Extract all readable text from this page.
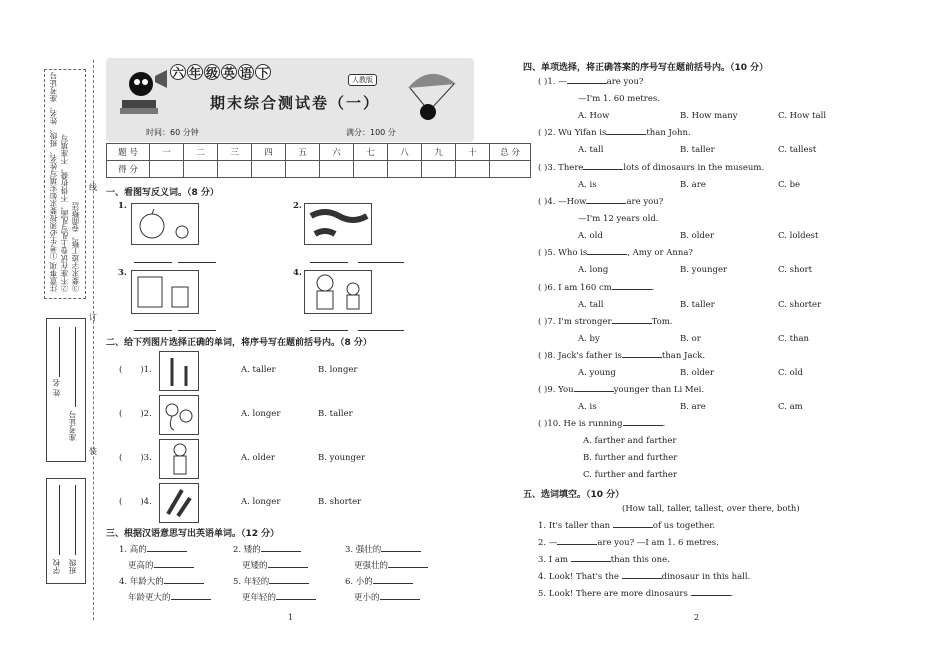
注意事项 ①考生必须按要求如实填写姓名、班级、姓名、准考证号 ②不准在试卷上乱写乱画，不得折叠，不准填写 ③要求字迹工整，卷面整洁
姓 名
准考证号
学校 班级
线
订
装
六 年 级 英 语 下
人教版
期末综合测试卷（一）
时间：60 分钟	满分：100 分
题 号	一	二	三	四	五	六	七	八	九	十	总 分
得 分											
一、看图写反义词。（8 分）
1.	2.
3.	4.
二、给下列图片选择正确的单词，将序号写在题前括号内。（8 分）
( )1.	A. taller	B. longer
( )2.	A. longer	B. taller
( )3.	A. older	B. younger
( )4.	A. longer	B. shorter
三、根据汉语意思写出英语单词。（12 分）
1. 高的	2. 矮的	3. 强壮的
更高的	更矮的	更强壮的
4. 年龄大的	5. 年轻的	6. 小的
年龄更大的	更年轻的	更小的
1
四、单项选择，将正确答案的序号写在题前括号内。（10 分）
( )1. —	are you?
—I'm 1. 60 metres.
A. How	B. How many	C. How tall
( )2. Wu Yifan is	than John.
A. tall	B. taller	C. tallest
( )3. There	lots of dinosaurs in the museum.
A. is	B. are	C. be
( )4. —How	are you?
—I'm 12 years old.
A. old	B. older	C. loldest
( )5. Who is	, Amy or Anna?
A. long	B. younger	C. short
( )6. I am 160 cm	.
A. tall	B. taller	C. shorter
( )7. I'm stronger	Tom.
A. by	B. or	C. than
( )8. Jack's father is	than Jack.
A. young	B. older	C. old
( )9. You	younger than Li Mei.
A. is	B. are	C. am
( )10. He is running	.
A. farther and farther
B. further and further
C. further and farther
五、选词填空。（10 分）
(How tall, taller, tallest, over there, both)
1. It's taller than	of us together.
2. —	are you? —I am 1. 6 metres.
3. I am	than this one.
4. Look! That's the	dinosaur in this hall.
5. Look! There are more dinosaurs	.
2
